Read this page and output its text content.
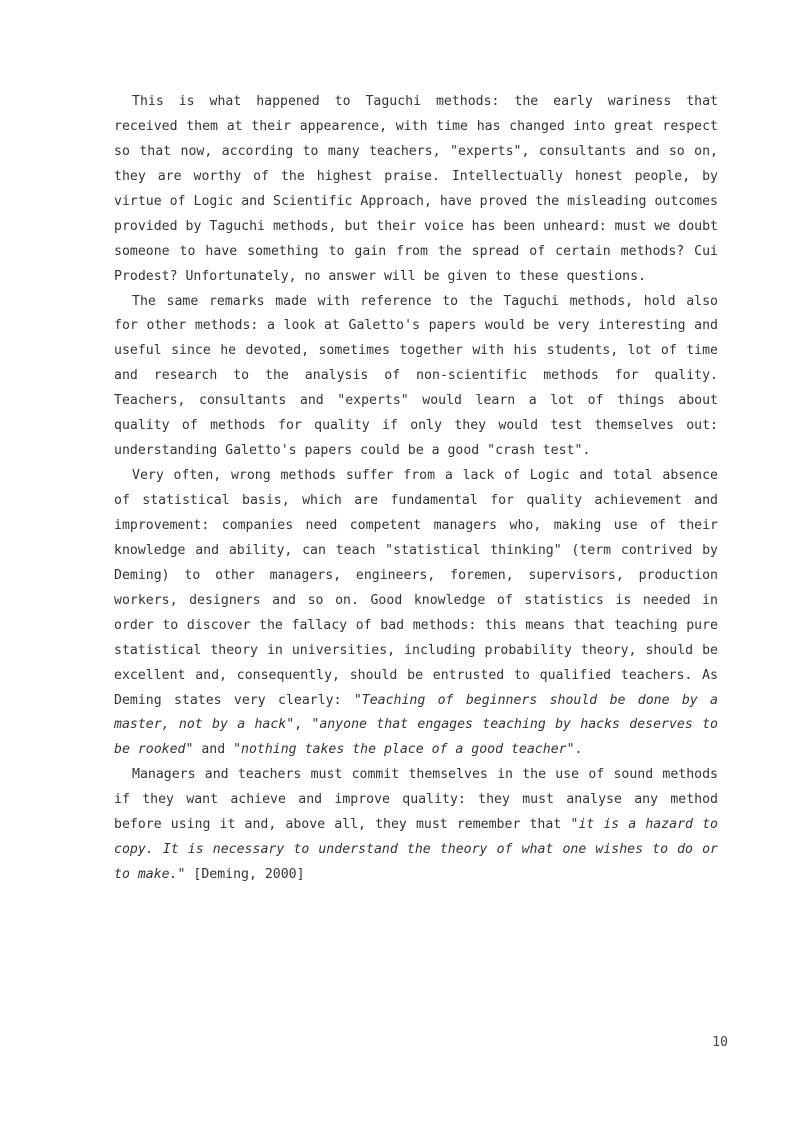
This is what happened to Taguchi methods: the early wariness that received them at their appearence, with time has changed into great respect so that now, according to many teachers, "experts", consultants and so on, they are worthy of the highest praise. Intellectually honest people, by virtue of Logic and Scientific Approach, have proved the misleading outcomes provided by Taguchi methods, but their voice has been unheard: must we doubt someone to have something to gain from the spread of certain methods? Cui Prodest? Unfortunately, no answer will be given to these questions.

The same remarks made with reference to the Taguchi methods, hold also for other methods: a look at Galetto's papers would be very interesting and useful since he devoted, sometimes together with his students, lot of time and research to the analysis of non-scientific methods for quality. Teachers, consultants and "experts" would learn a lot of things about quality of methods for quality if only they would test themselves out: understanding Galetto's papers could be a good "crash test".

Very often, wrong methods suffer from a lack of Logic and total absence of statistical basis, which are fundamental for quality achievement and improvement: companies need competent managers who, making use of their knowledge and ability, can teach "statistical thinking" (term contrived by Deming) to other managers, engineers, foremen, supervisors, production workers, designers and so on. Good knowledge of statistics is needed in order to discover the fallacy of bad methods: this means that teaching pure statistical theory in universities, including probability theory, should be excellent and, consequently, should be entrusted to qualified teachers. As Deming states very clearly: "Teaching of beginners should be done by a master, not by a hack", "anyone that engages teaching by hacks deserves to be rooked" and "nothing takes the place of a good teacher".

Managers and teachers must commit themselves in the use of sound methods if they want achieve and improve quality: they must analyse any method before using it and, above all, they must remember that "it is a hazard to copy. It is necessary to understand the theory of what one wishes to do or to make." [Deming, 2000]

10
